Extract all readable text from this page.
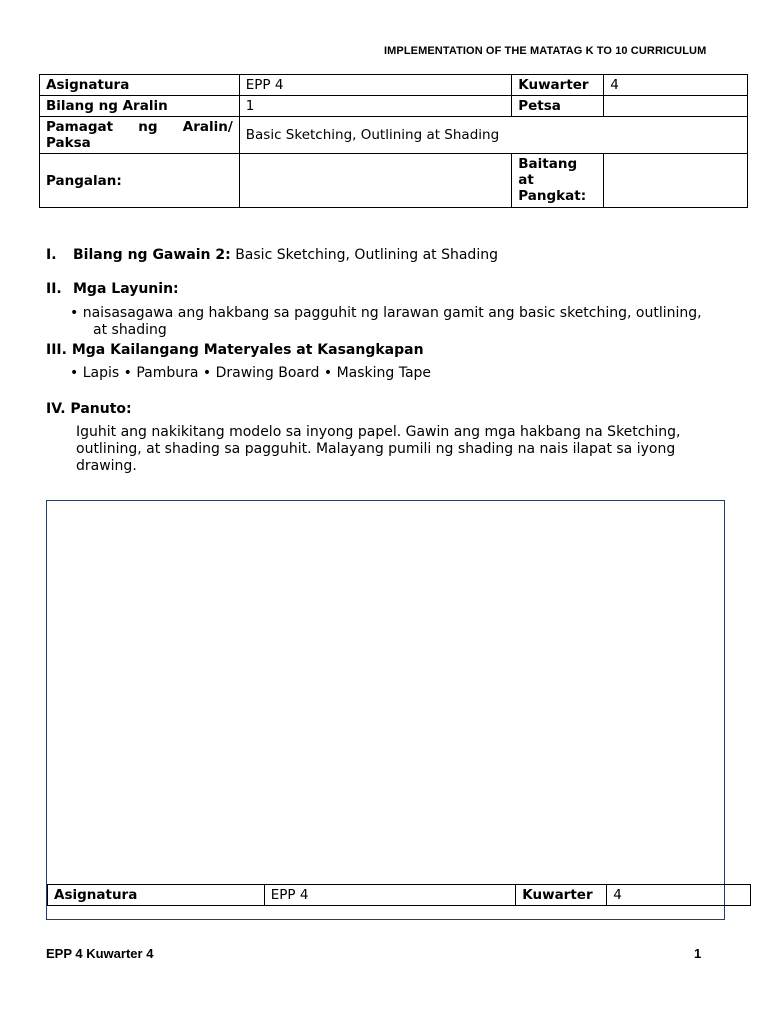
IMPLEMENTATION OF THE MATATAG K TO 10 CURRICULUM
Asignatura	EPP 4	Kuwarter	4
Bilang ng Aralin	1	Petsa	

Pamagat ng Aralin/
Paksa	Basic Sketching, Outlining at Shading		
Pangalan:		Baitang
at
Pangkat:	

I. Bilang ng Gawain 2: Basic Sketching, Outlining at Shading
II. Mga Layunin:
• naisasagawa ang hakbang sa pagguhit ng larawan gamit ang basic sketching, outlining,
at shading
III. Mga Kailangang Materyales at Kasangkapan
• Lapis • Pambura • Drawing Board • Masking Tape
IV. Panuto:
Iguhit ang nakikitang modelo sa inyong papel. Gawin ang mga hakbang na Sketching,
outlining, at shading sa pagguhit. Malayang pumili ng shading na nais ilapat sa iyong
drawing.
Asignatura	EPP 4	Kuwarter	4
EPP 4 Kuwarter 4	1
